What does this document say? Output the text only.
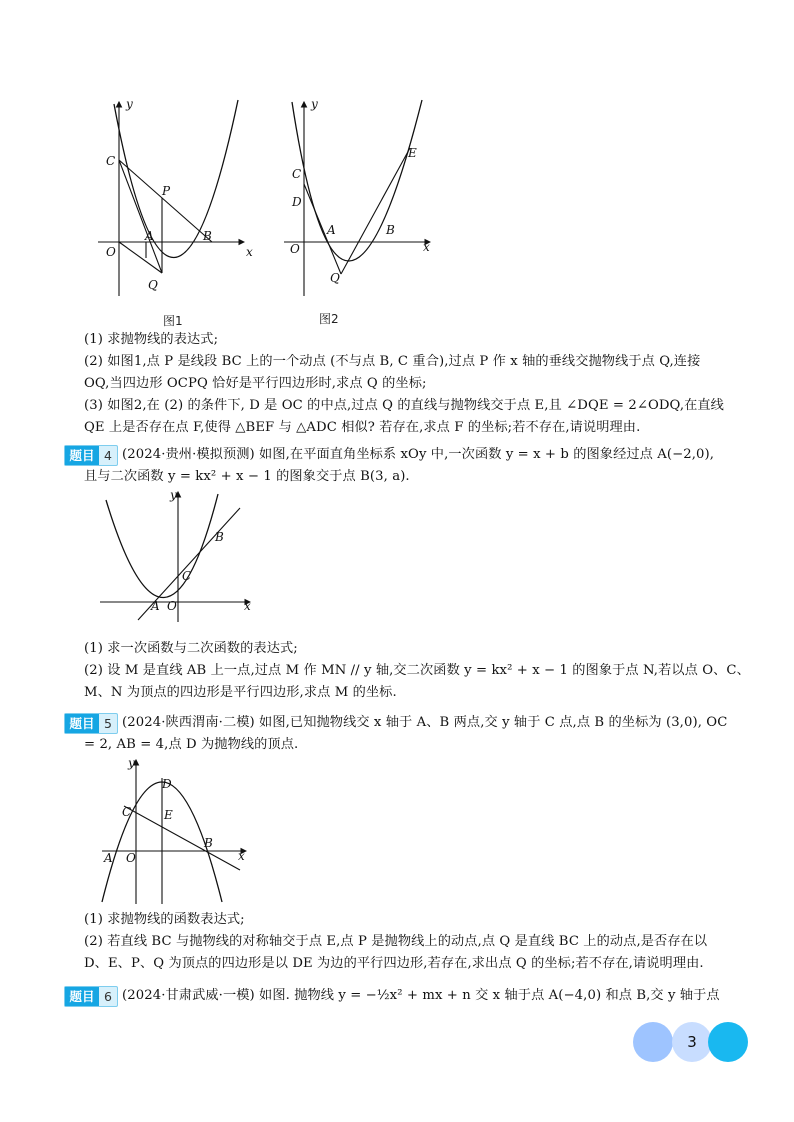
y
x
C
P
A	B
O
Q
图1
y
x
C
D
E
A	B
O
Q
图2
(1) 求抛物线的表达式;
(2) 如图1,点 P 是线段 BC 上的一个动点 (不与点 B, C 重合),过点 P 作 x 轴的垂线交抛物线于点 Q,连接
OQ,当四边形 OCPQ 恰好是平行四边形时,求点 Q 的坐标;
(3) 如图2,在 (2) 的条件下, D 是 OC 的中点,过点 Q 的直线与抛物线交于点 E,且 ∠DQE = 2∠ODQ,在直线
QE 上是否存在点 F,使得 △BEF 与 △ADC 相似? 若存在,求点 F 的坐标;若不存在,请说明理由.
题目 4 (2024·贵州·模拟预测) 如图,在平面直角坐标系 xOy 中,一次函数 y = x + b 的图象经过点 A(−2,0),
且与二次函数 y = kx² + x − 1 的图象交于点 B(3, a).
y
x
B
C
A O
(1) 求一次函数与二次函数的表达式;
(2) 设 M 是直线 AB 上一点,过点 M 作 MN // y 轴,交二次函数 y = kx² + x − 1 的图象于点 N,若以点 O、C、
M、N 为顶点的四边形是平行四边形,求点 M 的坐标.
题目 5 (2024·陕西渭南·二模) 如图,已知抛物线交 x 轴于 A、B 两点,交 y 轴于 C 点,点 B 的坐标为 (3,0), OC
= 2, AB = 4,点 D 为抛物线的顶点.
y
x
D
C	E
A O
B
(1) 求抛物线的函数表达式;
(2) 若直线 BC 与抛物线的对称轴交于点 E,点 P 是抛物线上的动点,点 Q 是直线 BC 上的动点,是否存在以
D、E、P、Q 为顶点的四边形是以 DE 为边的平行四边形,若存在,求出点 Q 的坐标;若不存在,请说明理由.
题目 6 (2024·甘肃武威·一模) 如图. 抛物线 y = −½x² + mx + n 交 x 轴于点 A(−4,0) 和点 B,交 y 轴于点
3
